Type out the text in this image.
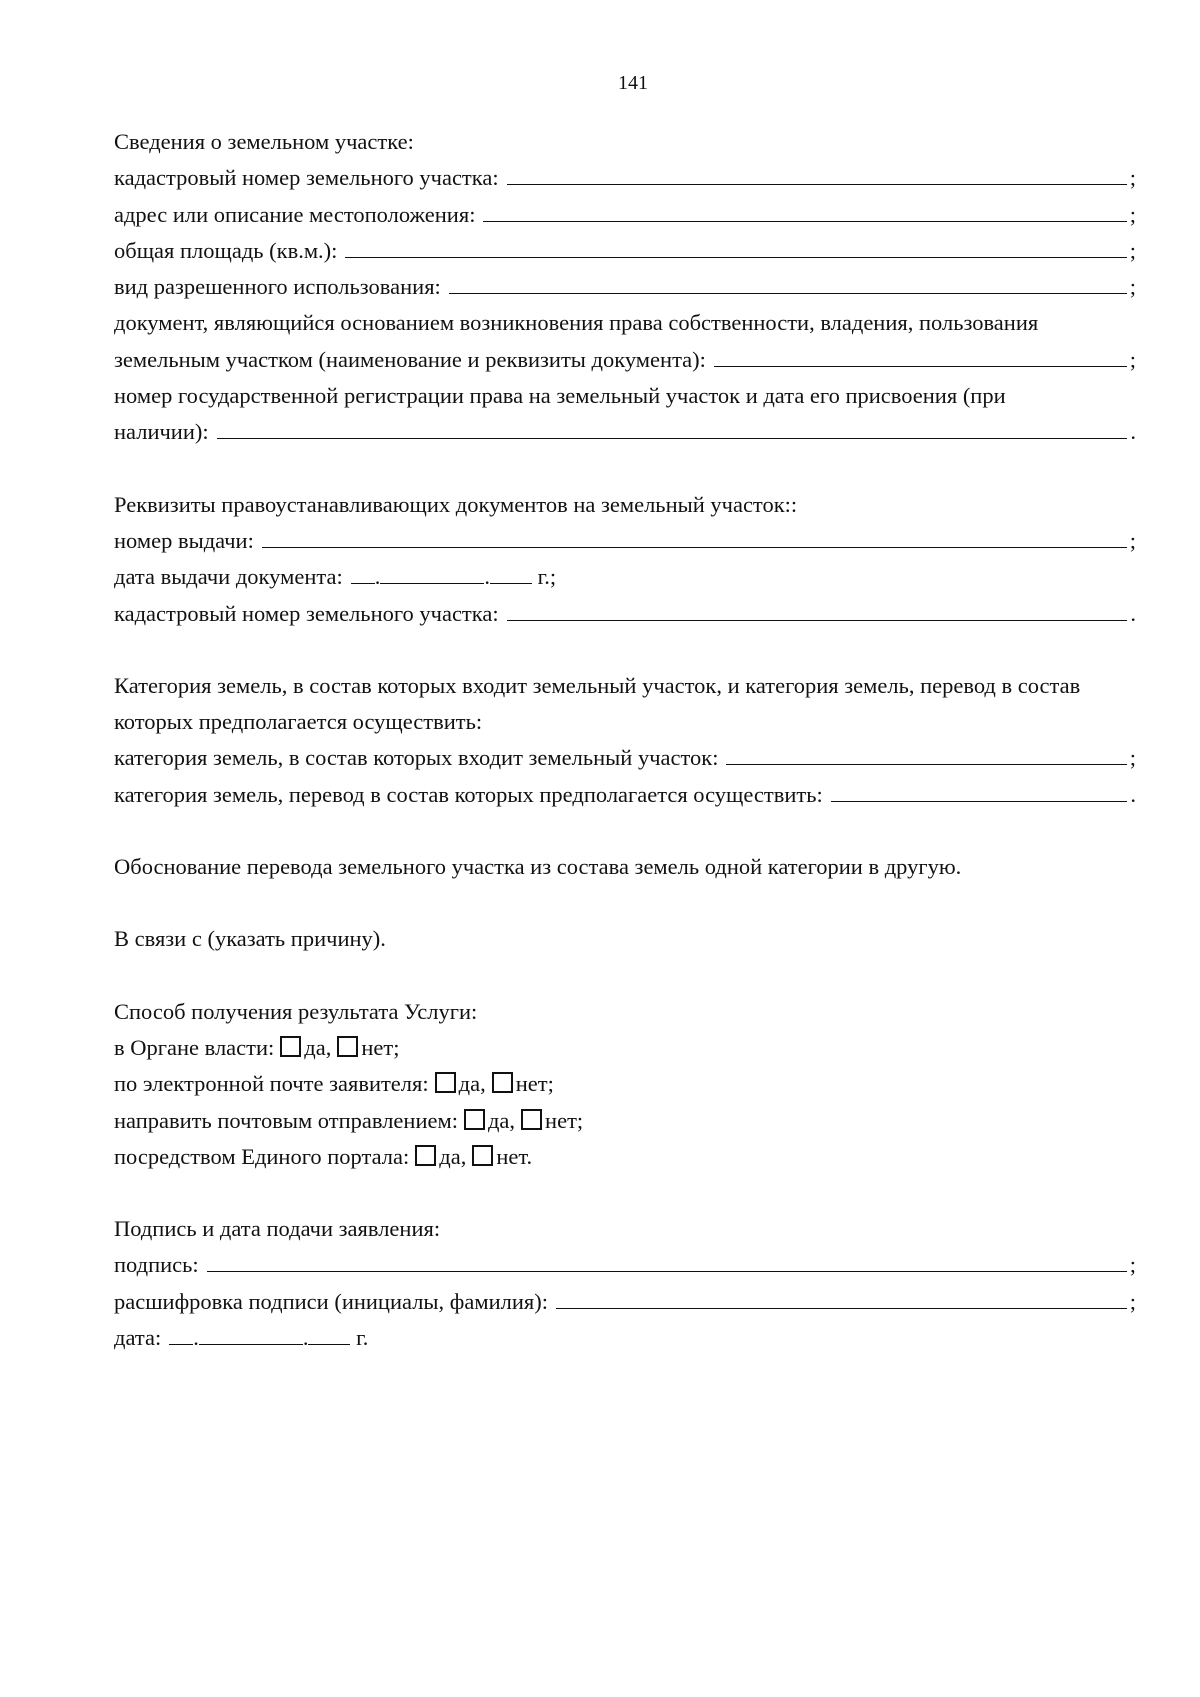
141
Сведения о земельном участке:
кадастровый номер земельного участка:	;
адрес или описание местоположения:	;
общая площадь (кв.м.):	;
вид разрешенного использования:	;
документ, являющийся основанием возникновения права собственности, владения, пользования
земельным участком (наименование и реквизиты документа):	;
номер государственной регистрации права на земельный участок и дата его присвоения (при
наличии):	.
Реквизиты правоустанавливающих документов на земельный участок::
номер выдачи:	;
дата выдачи документа: .	.
г.;
кадастровый номер земельного участка:	.
Категория земель, в состав которых входит земельный участок, и категория земель, перевод в состав которых предполагается осуществить:
категория земель, в состав которых входит земельный участок:	;
категория земель, перевод в состав которых предполагается осуществить:	.
Обоснование перевода земельного участка из состава земель одной категории в другую.
В связи с (указать причину).
Способ получения результата Услуги:
в Органе власти: да, нет;
по электронной почте заявителя: да, нет;
направить почтовым отправлением: да, нет;
посредством Единого портала: да, нет.
Подпись и дата подачи заявления:
подпись:	;
расшифровка подписи (инициалы, фамилия):	;
дата: .	.
г.
